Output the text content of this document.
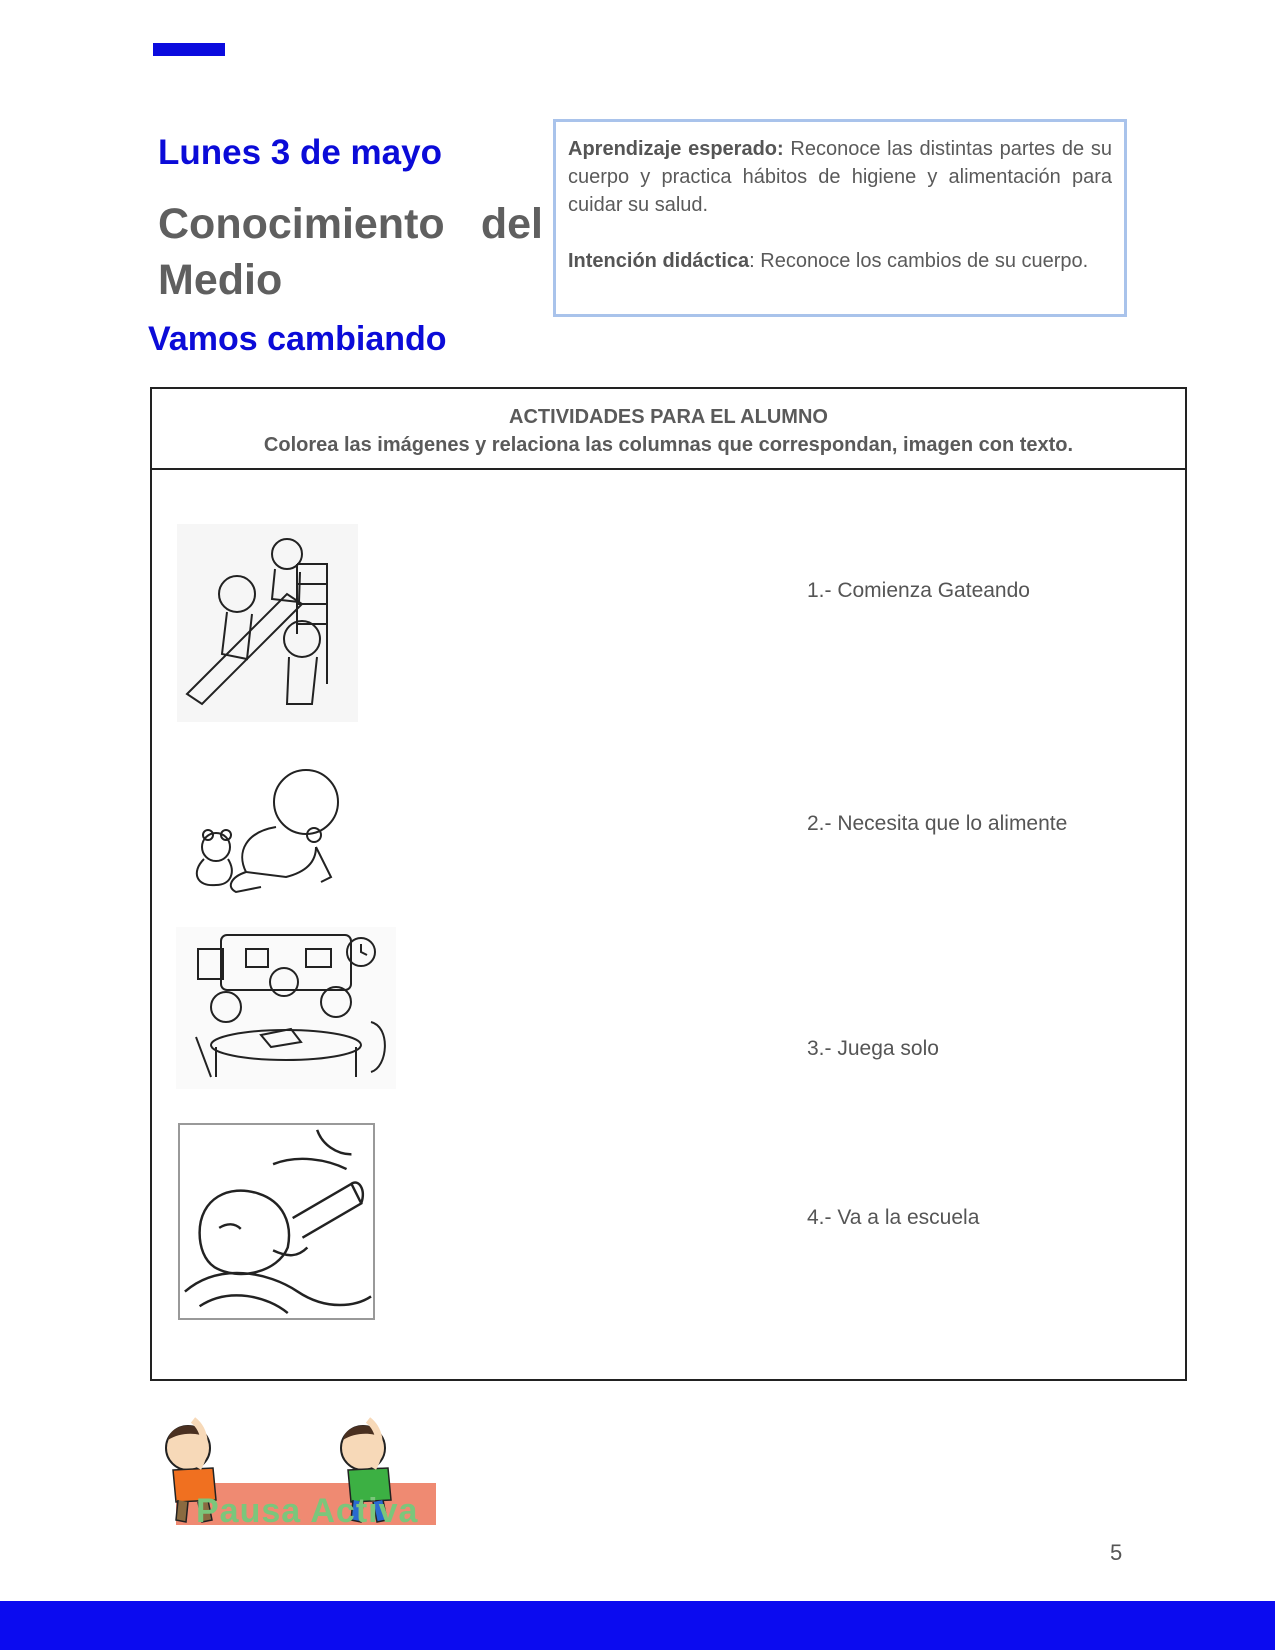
Lunes 3 de mayo
Conocimiento del
Medio
Vamos cambiando

Aprendizaje esperado: Reconoce las distintas partes de su cuerpo y practica hábitos de higiene y alimentación para cuidar su salud.

Intención didáctica: Reconoce los cambios de su cuerpo.

ACTIVIDADES PARA EL ALUMNO
Colorea las imágenes y relaciona las columnas que correspondan, imagen con texto.
1.- Comienza Gateando
2.- Necesita que lo alimente
3.- Juega solo
4.- Va a la escuela
Pausa Activa
5
